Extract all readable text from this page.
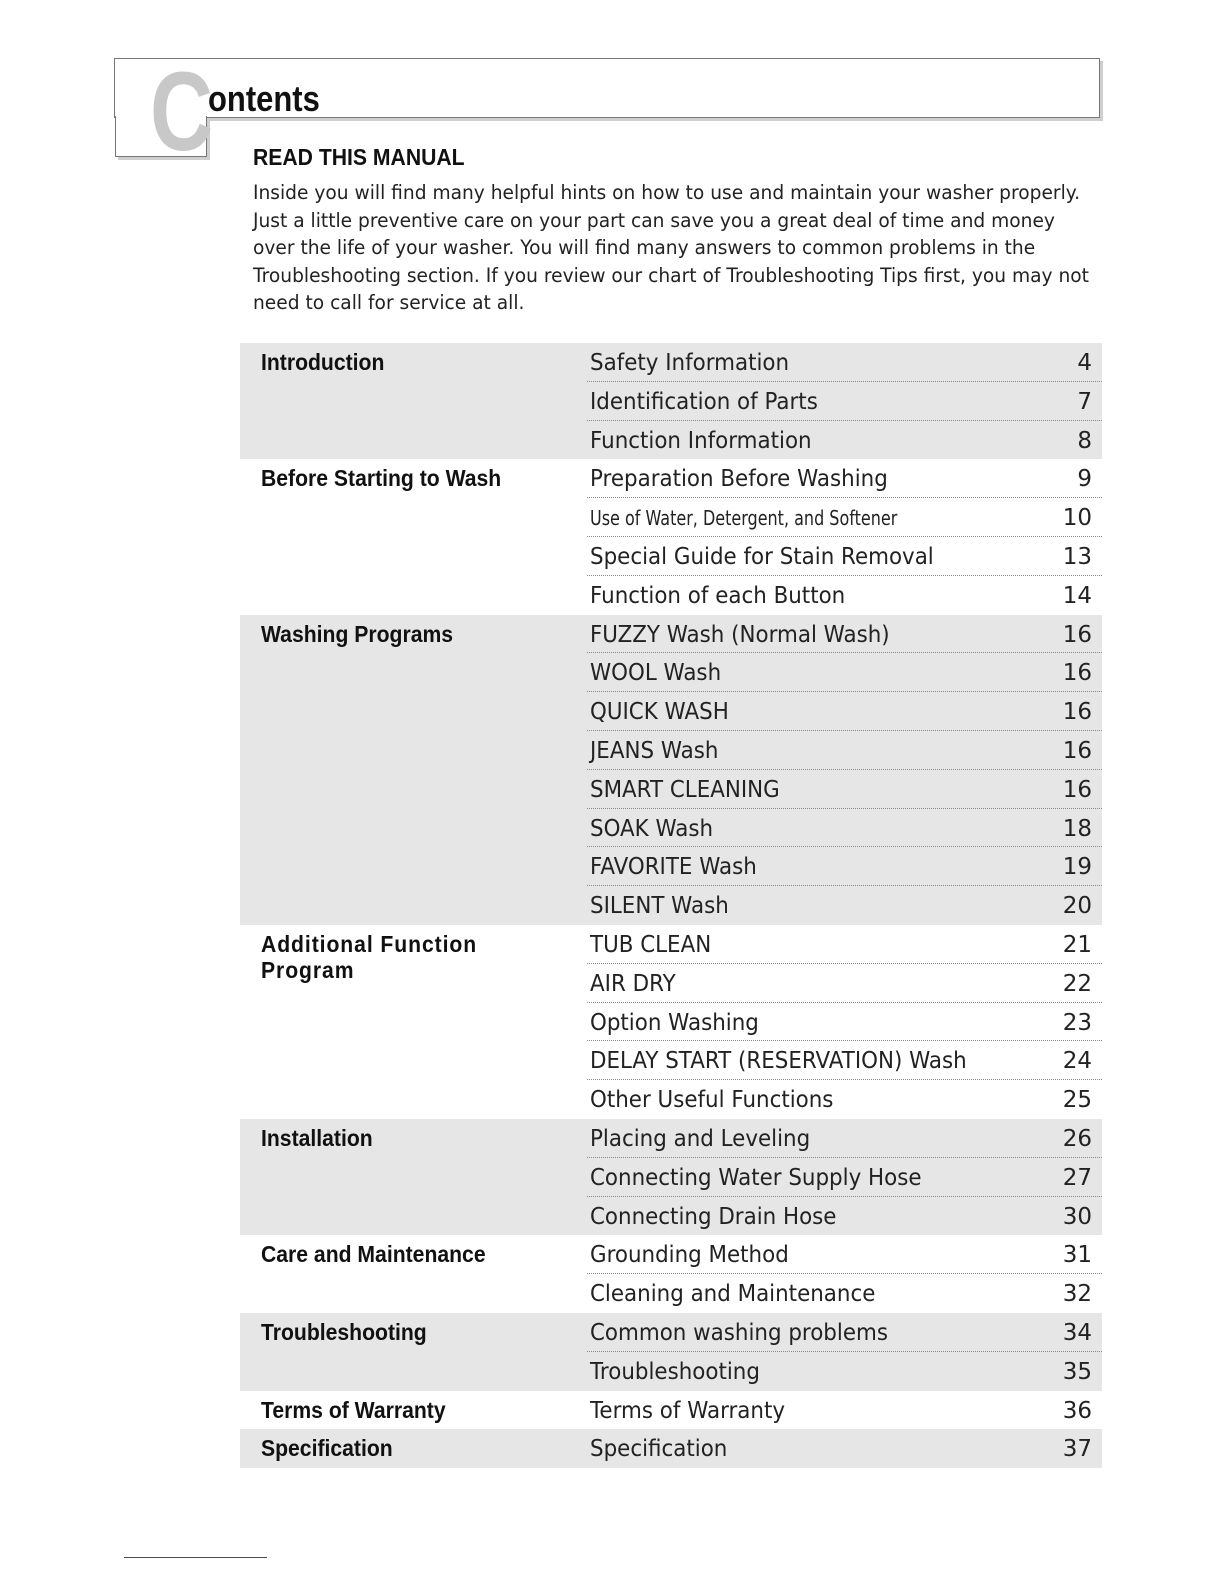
C
ontents
READ THIS MANUAL

Inside you will find many helpful hints on how to use and maintain your washer properly. Just a little preventive care on your part can save you a great deal of time and money over the life of your washer. You will find many answers to common problems in the Troubleshooting section. If you review our chart of Troubleshooting Tips first, you may not need to call for service at all.

Introduction	Safety Information	4
Identification of Parts	7
Function Information	8
Before Starting to Wash	Preparation Before Washing	9
Use of Water, Detergent, and Softener	10
Special Guide for Stain Removal	13
Function of each Button	14
Washing Programs	FUZZY Wash (Normal Wash)	16
WOOL Wash	16
QUICK WASH	16
JEANS Wash	16
SMART CLEANING	16
SOAK Wash	18
FAVORITE Wash	19
SILENT Wash	20
Additional Function
Program
TUB CLEAN	21
AIR DRY	22
Option Washing	23
DELAY START (RESERVATION) Wash	24
Other Useful Functions	25
Installation	Placing and Leveling	26
Connecting Water Supply Hose	27
Connecting Drain Hose	30
Care and Maintenance	Grounding Method	31
Cleaning and Maintenance	32
Troubleshooting	Common washing problems	34
Troubleshooting	35
Terms of Warranty	Terms of Warranty	36
Specification	Specification	37
